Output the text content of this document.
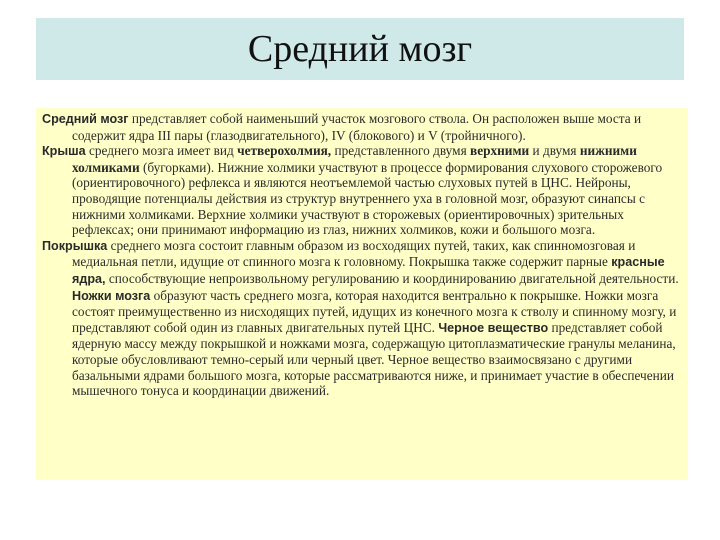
Средний мозг

Средний мозг представляет собой наименьший участок мозгового ствола. Он расположен выше моста и содержит ядра III пары (глазодвигательного), IV (блокового) и V (тройничного).

Крыша среднего мозга имеет вид четверохолмия, представленного двумя верхними и двумя нижними холмиками (бугорками). Нижние холмики участвуют в процессе формирования слухового сторожевого (ориентировочного) рефлекса и являются неотъемлемой частью слуховых путей в ЦНС. Нейроны, проводящие потенциалы действия из структур внутреннего уха в головной мозг, образуют синапсы с нижними холмиками. Верхние холмики участвуют в сторожевых (ориентировочных) зрительных рефлексах; они принимают информацию из глаз, нижних холмиков, кожи и большого мозга.

Покрышка среднего мозга состоит главным образом из восходящих путей, таких, как спинномозговая и медиальная петли, идущие от спинного мозга к головному. Покрышка также содержит парные красные ядра, способствующие непроизвольному регулированию и координированию двигательной деятельности. Ножки мозга образуют часть среднего мозга, которая находится вентрально к покрышке. Ножки мозга состоят преимущественно из нисходящих путей, идущих из конечного мозга к стволу и спинному мозгу, и представляют собой один из главных двигательных путей ЦНС. Черное вещество представляет собой ядерную массу между покрышкой и ножками мозга, содержащую цитоплазматические гранулы меланина, которые обусловливают темно-серый или черный цвет. Черное вещество взаимосвязано с другими базальными ядрами большого мозга, которые рассматриваются ниже, и принимает участие в обеспечении мышечного тонуса и координации движений.
